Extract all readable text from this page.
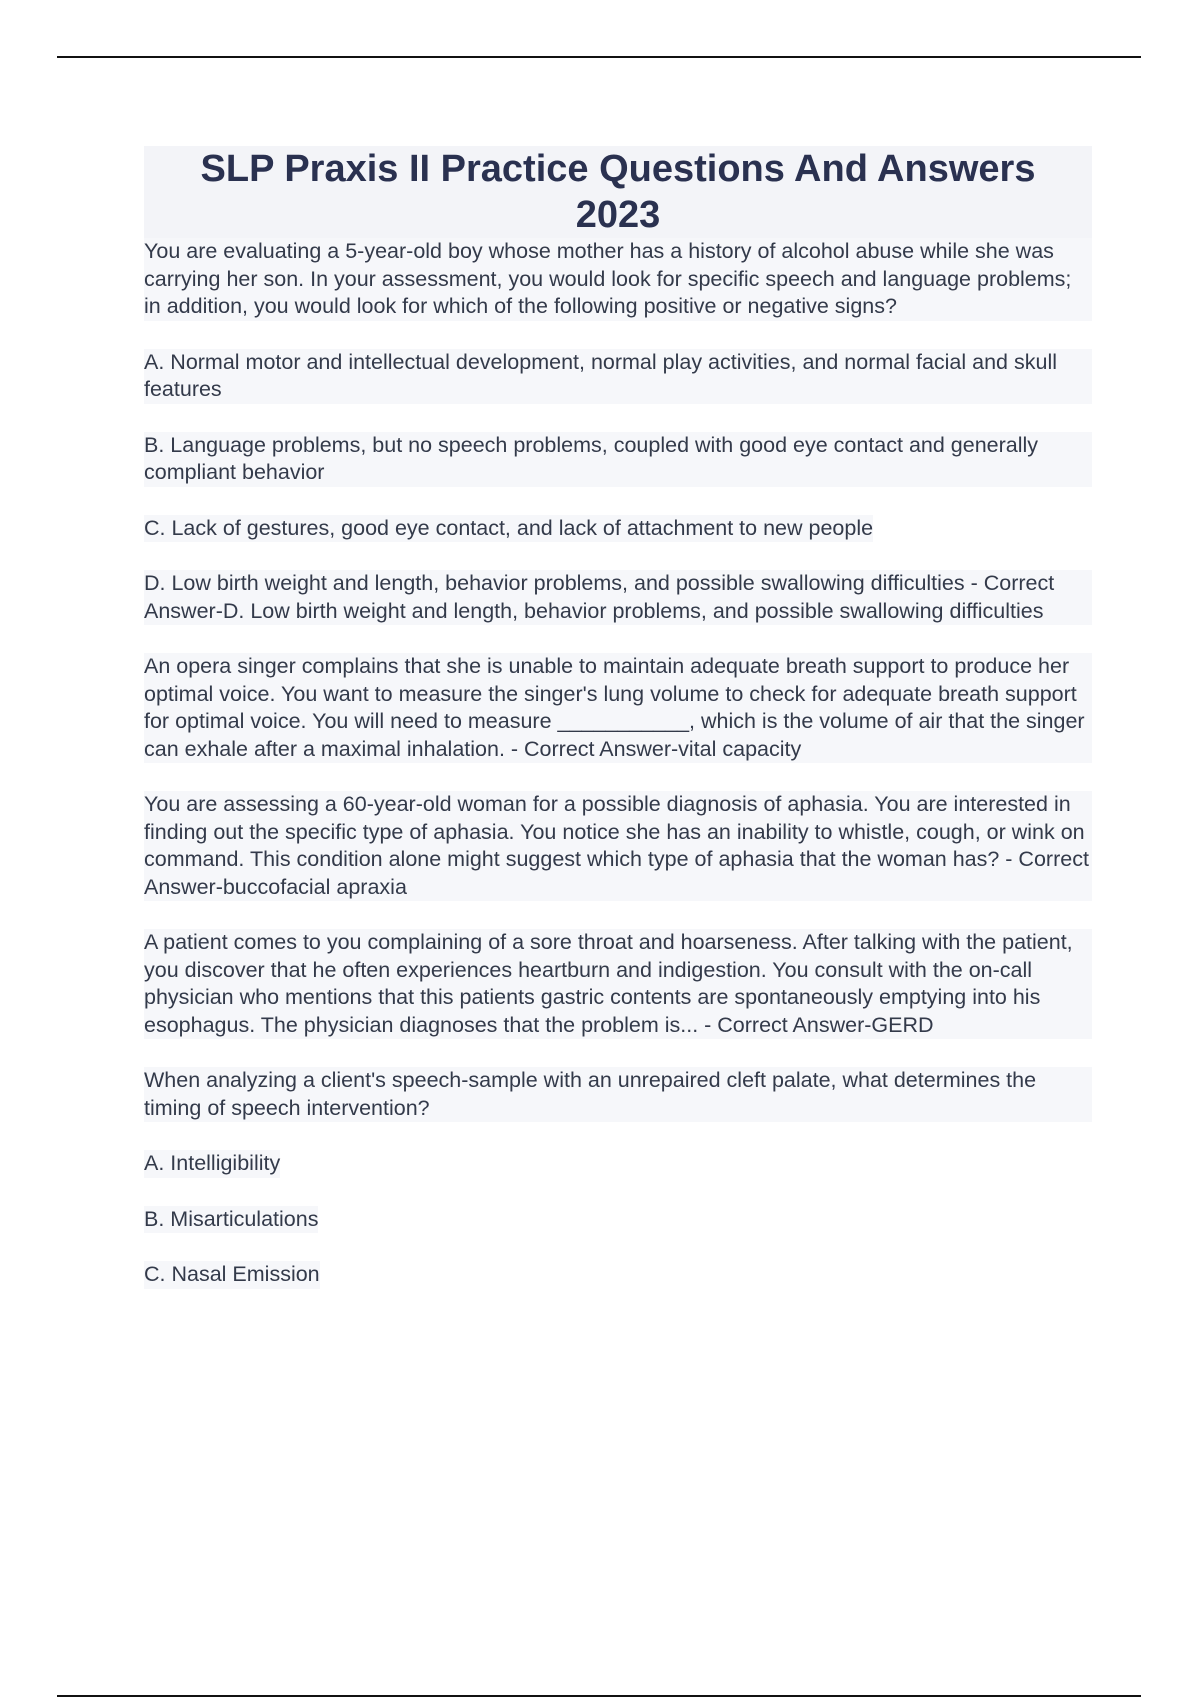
SLP Praxis II Practice Questions And Answers 2023

You are evaluating a 5-year-old boy whose mother has a history of alcohol abuse while she was carrying her son. In your assessment, you would look for specific speech and language problems; in addition, you would look for which of the following positive or negative signs?

A. Normal motor and intellectual development, normal play activities, and normal facial and skull features

B. Language problems, but no speech problems, coupled with good eye contact and generally compliant behavior

C. Lack of gestures, good eye contact, and lack of attachment to new people

D. Low birth weight and length, behavior problems, and possible swallowing difficulties - Correct Answer-D. Low birth weight and length, behavior problems, and possible swallowing difficulties

An opera singer complains that she is unable to maintain adequate breath support to produce her optimal voice. You want to measure the singer's lung volume to check for adequate breath support for optimal voice. You will need to measure ___________, which is the volume of air that the singer can exhale after a maximal inhalation. - Correct Answer-vital capacity

You are assessing a 60-year-old woman for a possible diagnosis of aphasia. You are interested in finding out the specific type of aphasia. You notice she has an inability to whistle, cough, or wink on command. This condition alone might suggest which type of aphasia that the woman has? - Correct Answer-buccofacial apraxia

A patient comes to you complaining of a sore throat and hoarseness. After talking with the patient, you discover that he often experiences heartburn and indigestion. You consult with the on-call physician who mentions that this patients gastric contents are spontaneously emptying into his esophagus. The physician diagnoses that the problem is... - Correct Answer-GERD

When analyzing a client's speech-sample with an unrepaired cleft palate, what determines the timing of speech intervention?

A. Intelligibility

B. Misarticulations

C. Nasal Emission
